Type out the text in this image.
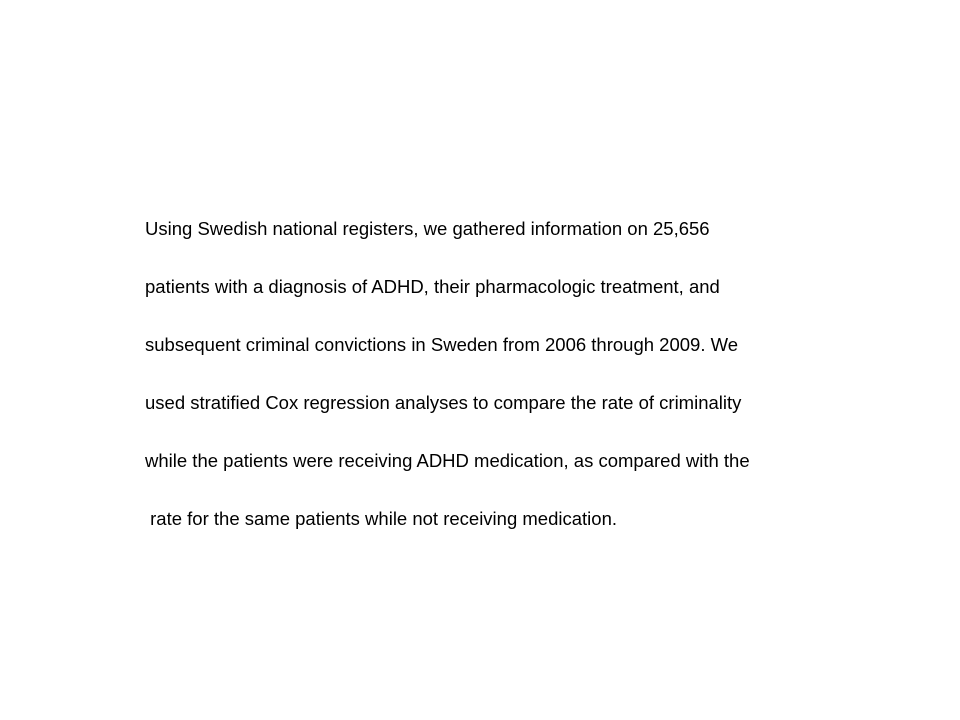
Using Swedish national registers, we gathered information on 25,656
patients with a diagnosis of ADHD, their pharmacologic treatment, and
subsequent criminal convictions in Sweden from 2006 through 2009. We
used stratified Cox regression analyses to compare the rate of criminality
while the patients were receiving ADHD medication, as compared with the
rate for the same patients while not receiving medication.
